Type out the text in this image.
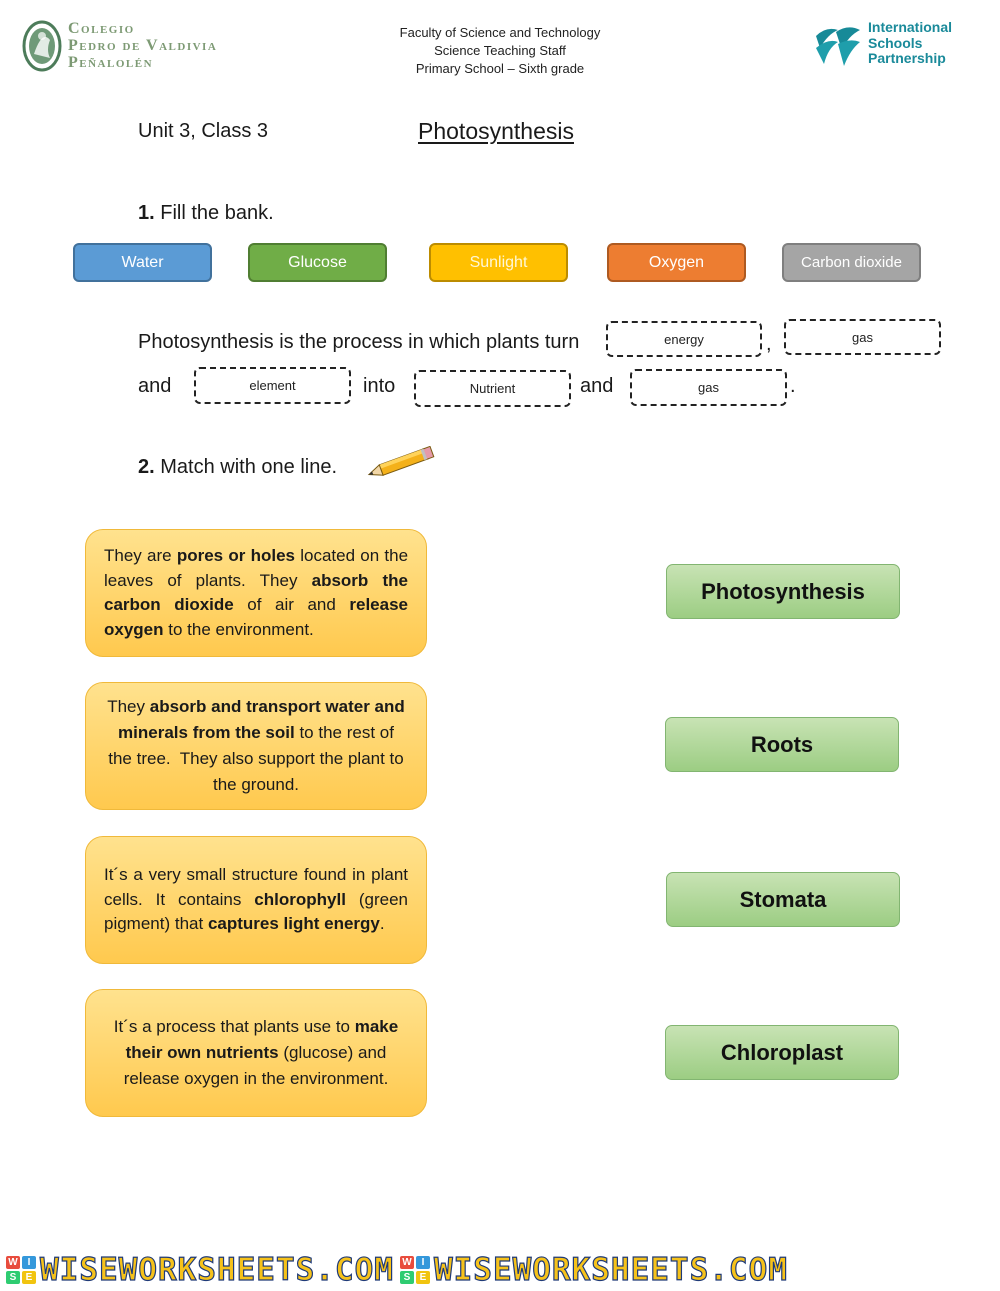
Colegio
Pedro de Valdivia
Peñalolén
Faculty of Science and Technology
Science Teaching Staff
Primary School – Sixth grade
International
Schools
Partnership
Unit 3, Class 3	Photosynthesis
1. Fill the bank.
Water	Glucose	Sunlight	Oxygen	Carbon dioxide
Photosynthesis is the process in which plants turn	energy	,	gas
and	element	into	Nutrient	and	gas	.
2. Match with one line.
They are pores or holes located on the leaves of plants. They absorb the carbon dioxide of air and release oxygen to the environment.
They absorb and transport water and minerals from the soil to the rest of the tree.  They also support the plant to the ground.
It´s a very small structure found in plant cells. It contains chlorophyll (green pigment) that captures light energy.
It´s a process that plants use to make their own nutrients (glucose) and release oxygen in the environment.
Photosynthesis
Roots
Stomata
Chloroplast
W I
S E WISEWORKSHEETS.COM W I
S E WISEWORKSHEETS.COM
